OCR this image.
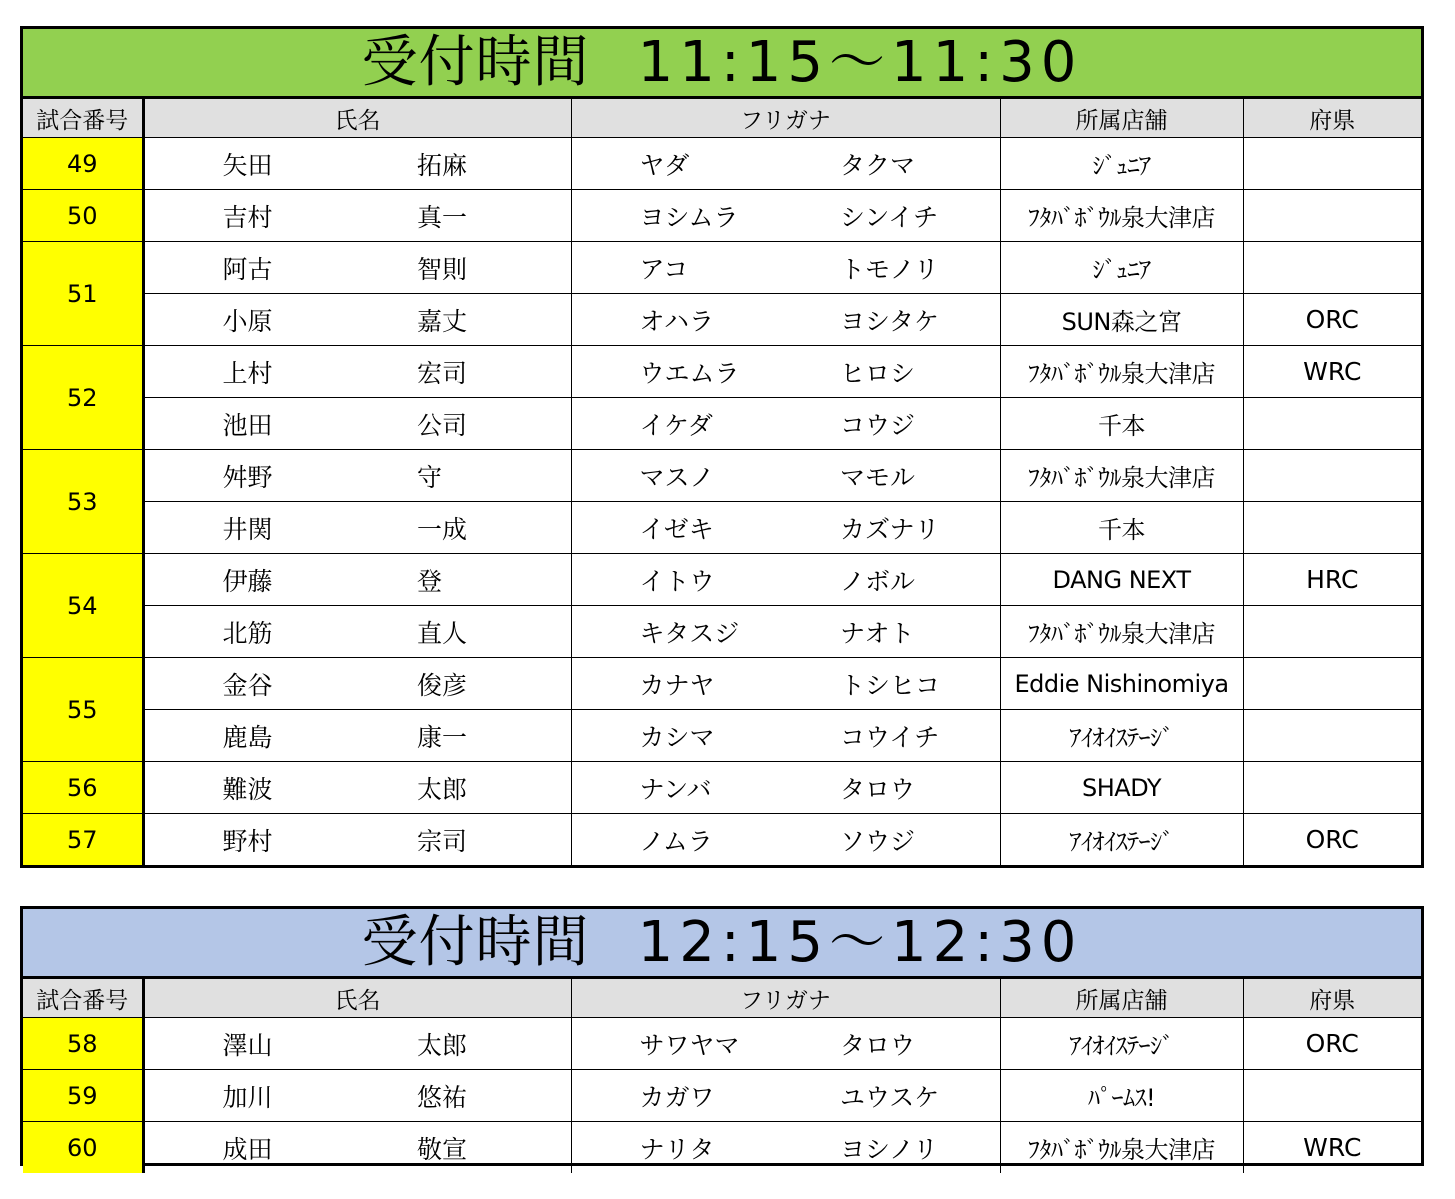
受付時間 11:15～11:30
試合番号	氏名		フリガナ		所属店舗	府県
49	矢田	拓麻	ヤダ	タクマ	ｼﾞｭﾆｱ	
50	吉村	真一	ヨシムラ	シンイチ	ﾌﾀﾊﾞﾎﾞｳﾙ泉大津店	
51	阿古	智則	アコ	トモノリ	ｼﾞｭﾆｱ	
	小原	嘉丈	オハラ	ヨシタケ	SUN森之宮	ORC
52	上村	宏司	ウエムラ	ヒロシ	ﾌﾀﾊﾞﾎﾞｳﾙ泉大津店	WRC
	池田	公司	イケダ	コウジ	千本	
53	舛野	守	マスノ	マモル	ﾌﾀﾊﾞﾎﾞｳﾙ泉大津店	
	井関	一成	イゼキ	カズナリ	千本	
54	伊藤	登	イトウ	ノボル	DANG NEXT	HRC
	北筋	直人	キタスジ	ナオト	ﾌﾀﾊﾞﾎﾞｳﾙ泉大津店	
55	金谷	俊彦	カナヤ	トシヒコ	Eddie Nishinomiya	
	鹿島	康一	カシマ	コウイチ	ｱｲｵｲｽﾃｰｼﾞ	
56	難波	太郎	ナンバ	タロウ	SHADY	
57	野村	宗司	ノムラ	ソウジ	ｱｲｵｲｽﾃｰｼﾞ	ORC
受付時間 12:15～12:30
試合番号	氏名		フリガナ		所属店舗	府県
58	澤山	太郎	サワヤマ	タロウ	ｱｲｵｲｽﾃｰｼﾞ	ORC
59	加川	悠祐	カガワ	ユウスケ	ﾊﾟｰﾑｽ!	
60	成田	敬宣	ナリタ	ヨシノリ	ﾌﾀﾊﾞﾎﾞｳﾙ泉大津店	WRC
